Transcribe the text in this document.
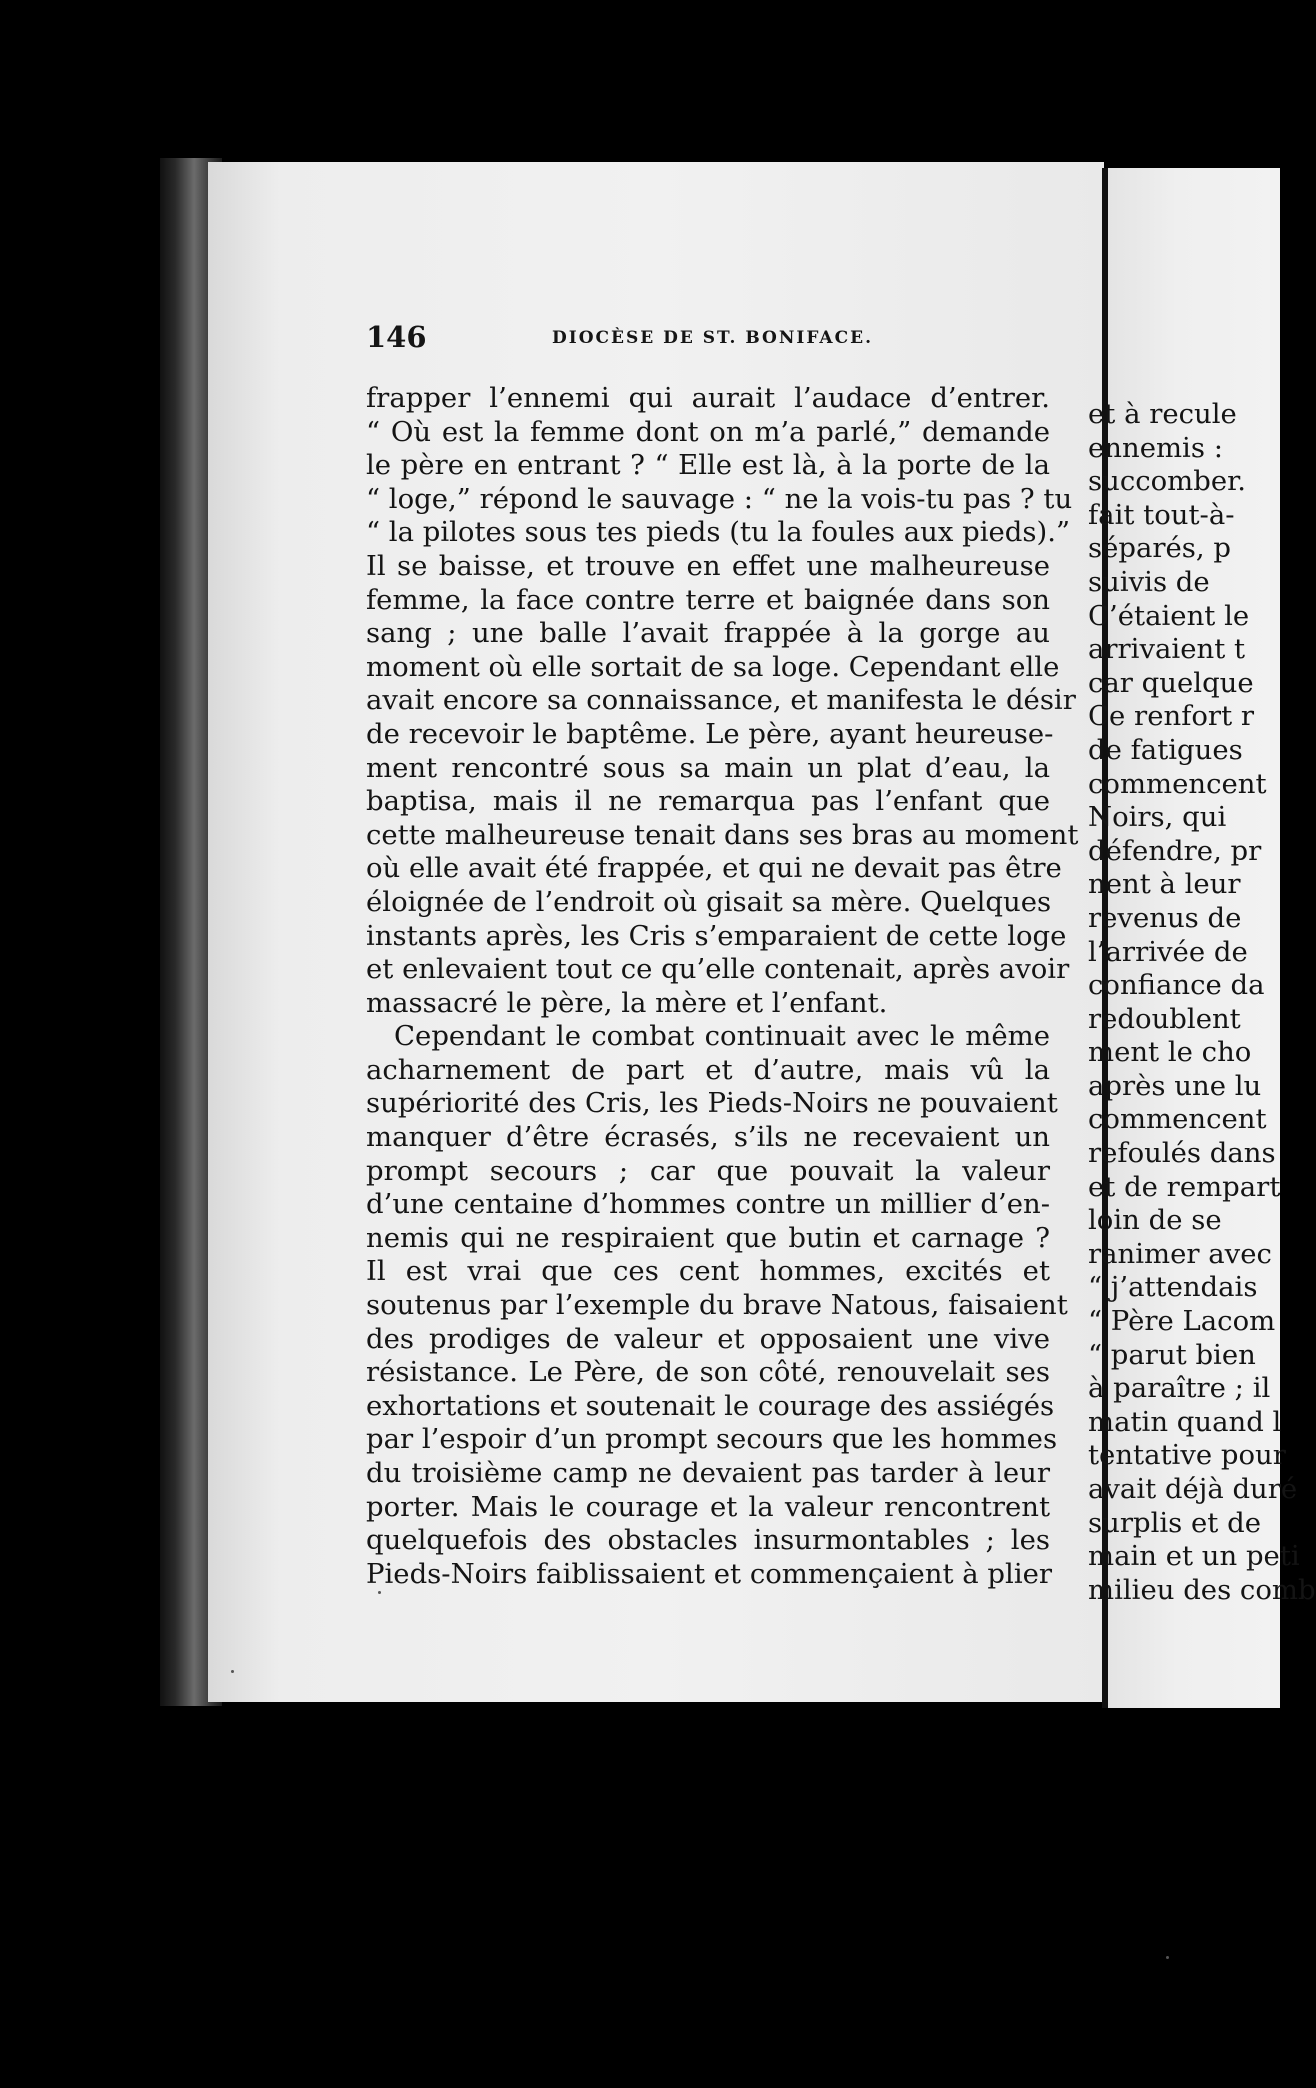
146	DIOCÈSE DE ST. BONIFACE.
frapper l’ennemi qui aurait l’audace d’entrer.
“ Où est la femme dont on m’a parlé,” demande
le père en entrant ? “ Elle est là, à la porte de la
“ loge,” répond le sauvage : “ ne la vois-tu pas ? tu
“ la pilotes sous tes pieds (tu la foules aux pieds).”
Il se baisse, et trouve en effet une malheureuse
femme, la face contre terre et baignée dans son
sang ; une balle l’avait frappée à la gorge au
moment où elle sortait de sa loge. Cependant elle
avait encore sa connaissance, et manifesta le désir
de recevoir le baptême. Le père, ayant heureuse-
ment rencontré sous sa main un plat d’eau, la
baptisa, mais il ne remarqua pas l’enfant que
cette malheureuse tenait dans ses bras au moment
où elle avait été frappée, et qui ne devait pas être
éloignée de l’endroit où gisait sa mère. Quelques
instants après, les Cris s’emparaient de cette loge
et enlevaient tout ce qu’elle contenait, après avoir
massacré le père, la mère et l’enfant.
Cependant le combat continuait avec le même
acharnement de part et d’autre, mais vû la
supériorité des Cris, les Pieds-Noirs ne pouvaient
manquer d’être écrasés, s’ils ne recevaient un
prompt secours ; car que pouvait la valeur
d’une centaine d’hommes contre un millier d’en-
nemis qui ne respiraient que butin et carnage ?
Il est vrai que ces cent hommes, excités et
soutenus par l’exemple du brave Natous, faisaient
des prodiges de valeur et opposaient une vive
résistance. Le Père, de son côté, renouvelait ses
exhortations et soutenait le courage des assiégés
par l’espoir d’un prompt secours que les hommes
du troisième camp ne devaient pas tarder à leur
porter. Mais le courage et la valeur rencontrent
quelquefois des obstacles insurmontables ; les
Pieds-Noirs faiblissaient et commençaient à plier
et à recule
ennemis :
succomber.
fait tout-à-
séparés, p
suivis de
C’étaient le
arrivaient t
car quelque
Ce renfort r
de fatigues
commencent
Noirs, qui
défendre, pr
nent à leur
revenus de
l’arrivée de
confiance da
redoublent
ment le cho
après une lu
commencent
refoulés dans
et de rempart
loin de se
ranimer avec
“ j’attendais
“ Père Lacom
“ parut bien
à paraître ; il
matin quand l
tentative pour
avait déjà duré
surplis et de
main et un peti
milieu des comb
